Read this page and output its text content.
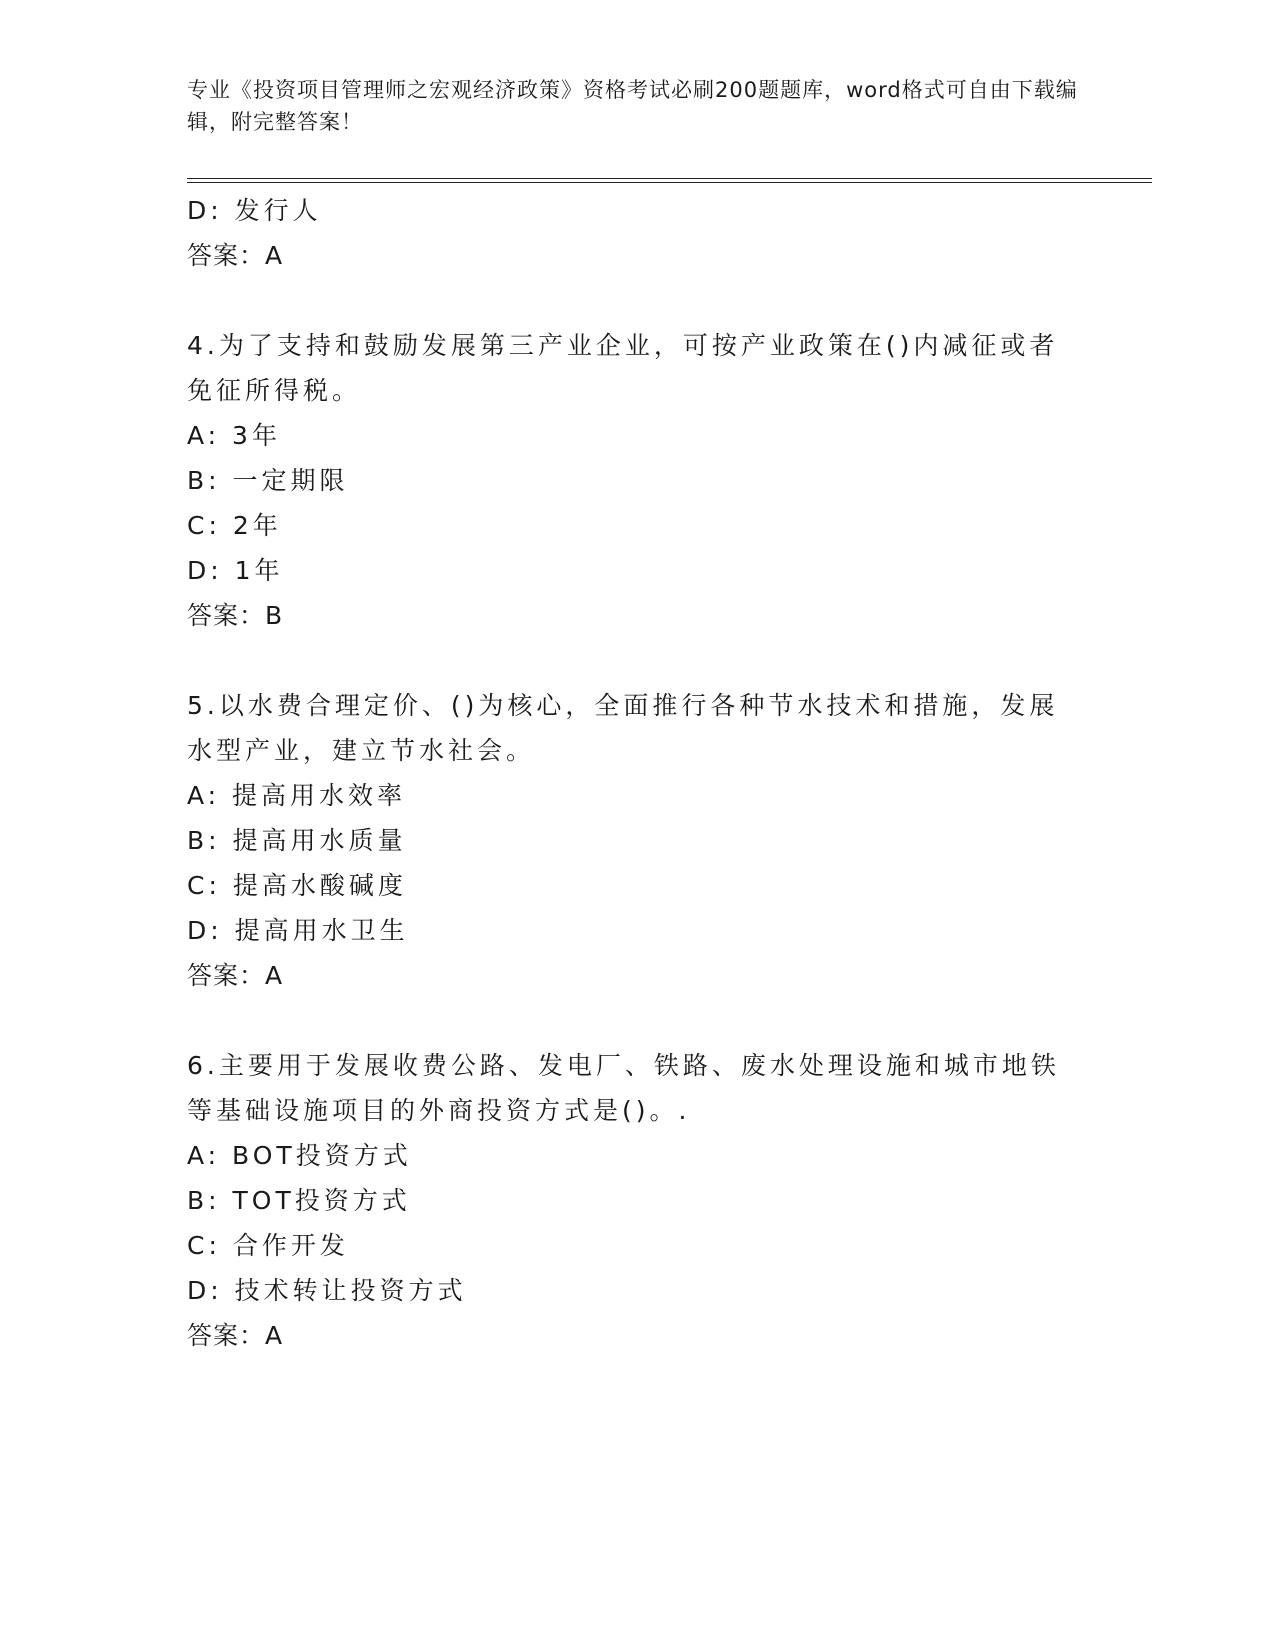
专业《投资项目管理师之宏观经济政策》资格考试必刷200题题库，word格式可自由下载编辑，附完整答案！

D: 发行人

答案：A

4.为了支持和鼓励发展第三产业企业，可按产业政策在()内减征或者免征所得税。

A: 3年

B: 一定期限

C: 2年

D: 1年

答案：B

5.以水费合理定价、()为核心，全面推行各种节水技术和措施，发展水型产业，建立节水社会。

A: 提高用水效率

B: 提高用水质量

C: 提高水酸碱度

D: 提高用水卫生

答案：A

6.主要用于发展收费公路、发电厂、铁路、废水处理设施和城市地铁等基础设施项目的外商投资方式是()。.

A: BOT投资方式

B: TOT投资方式

C: 合作开发

D: 技术转让投资方式

答案：A
